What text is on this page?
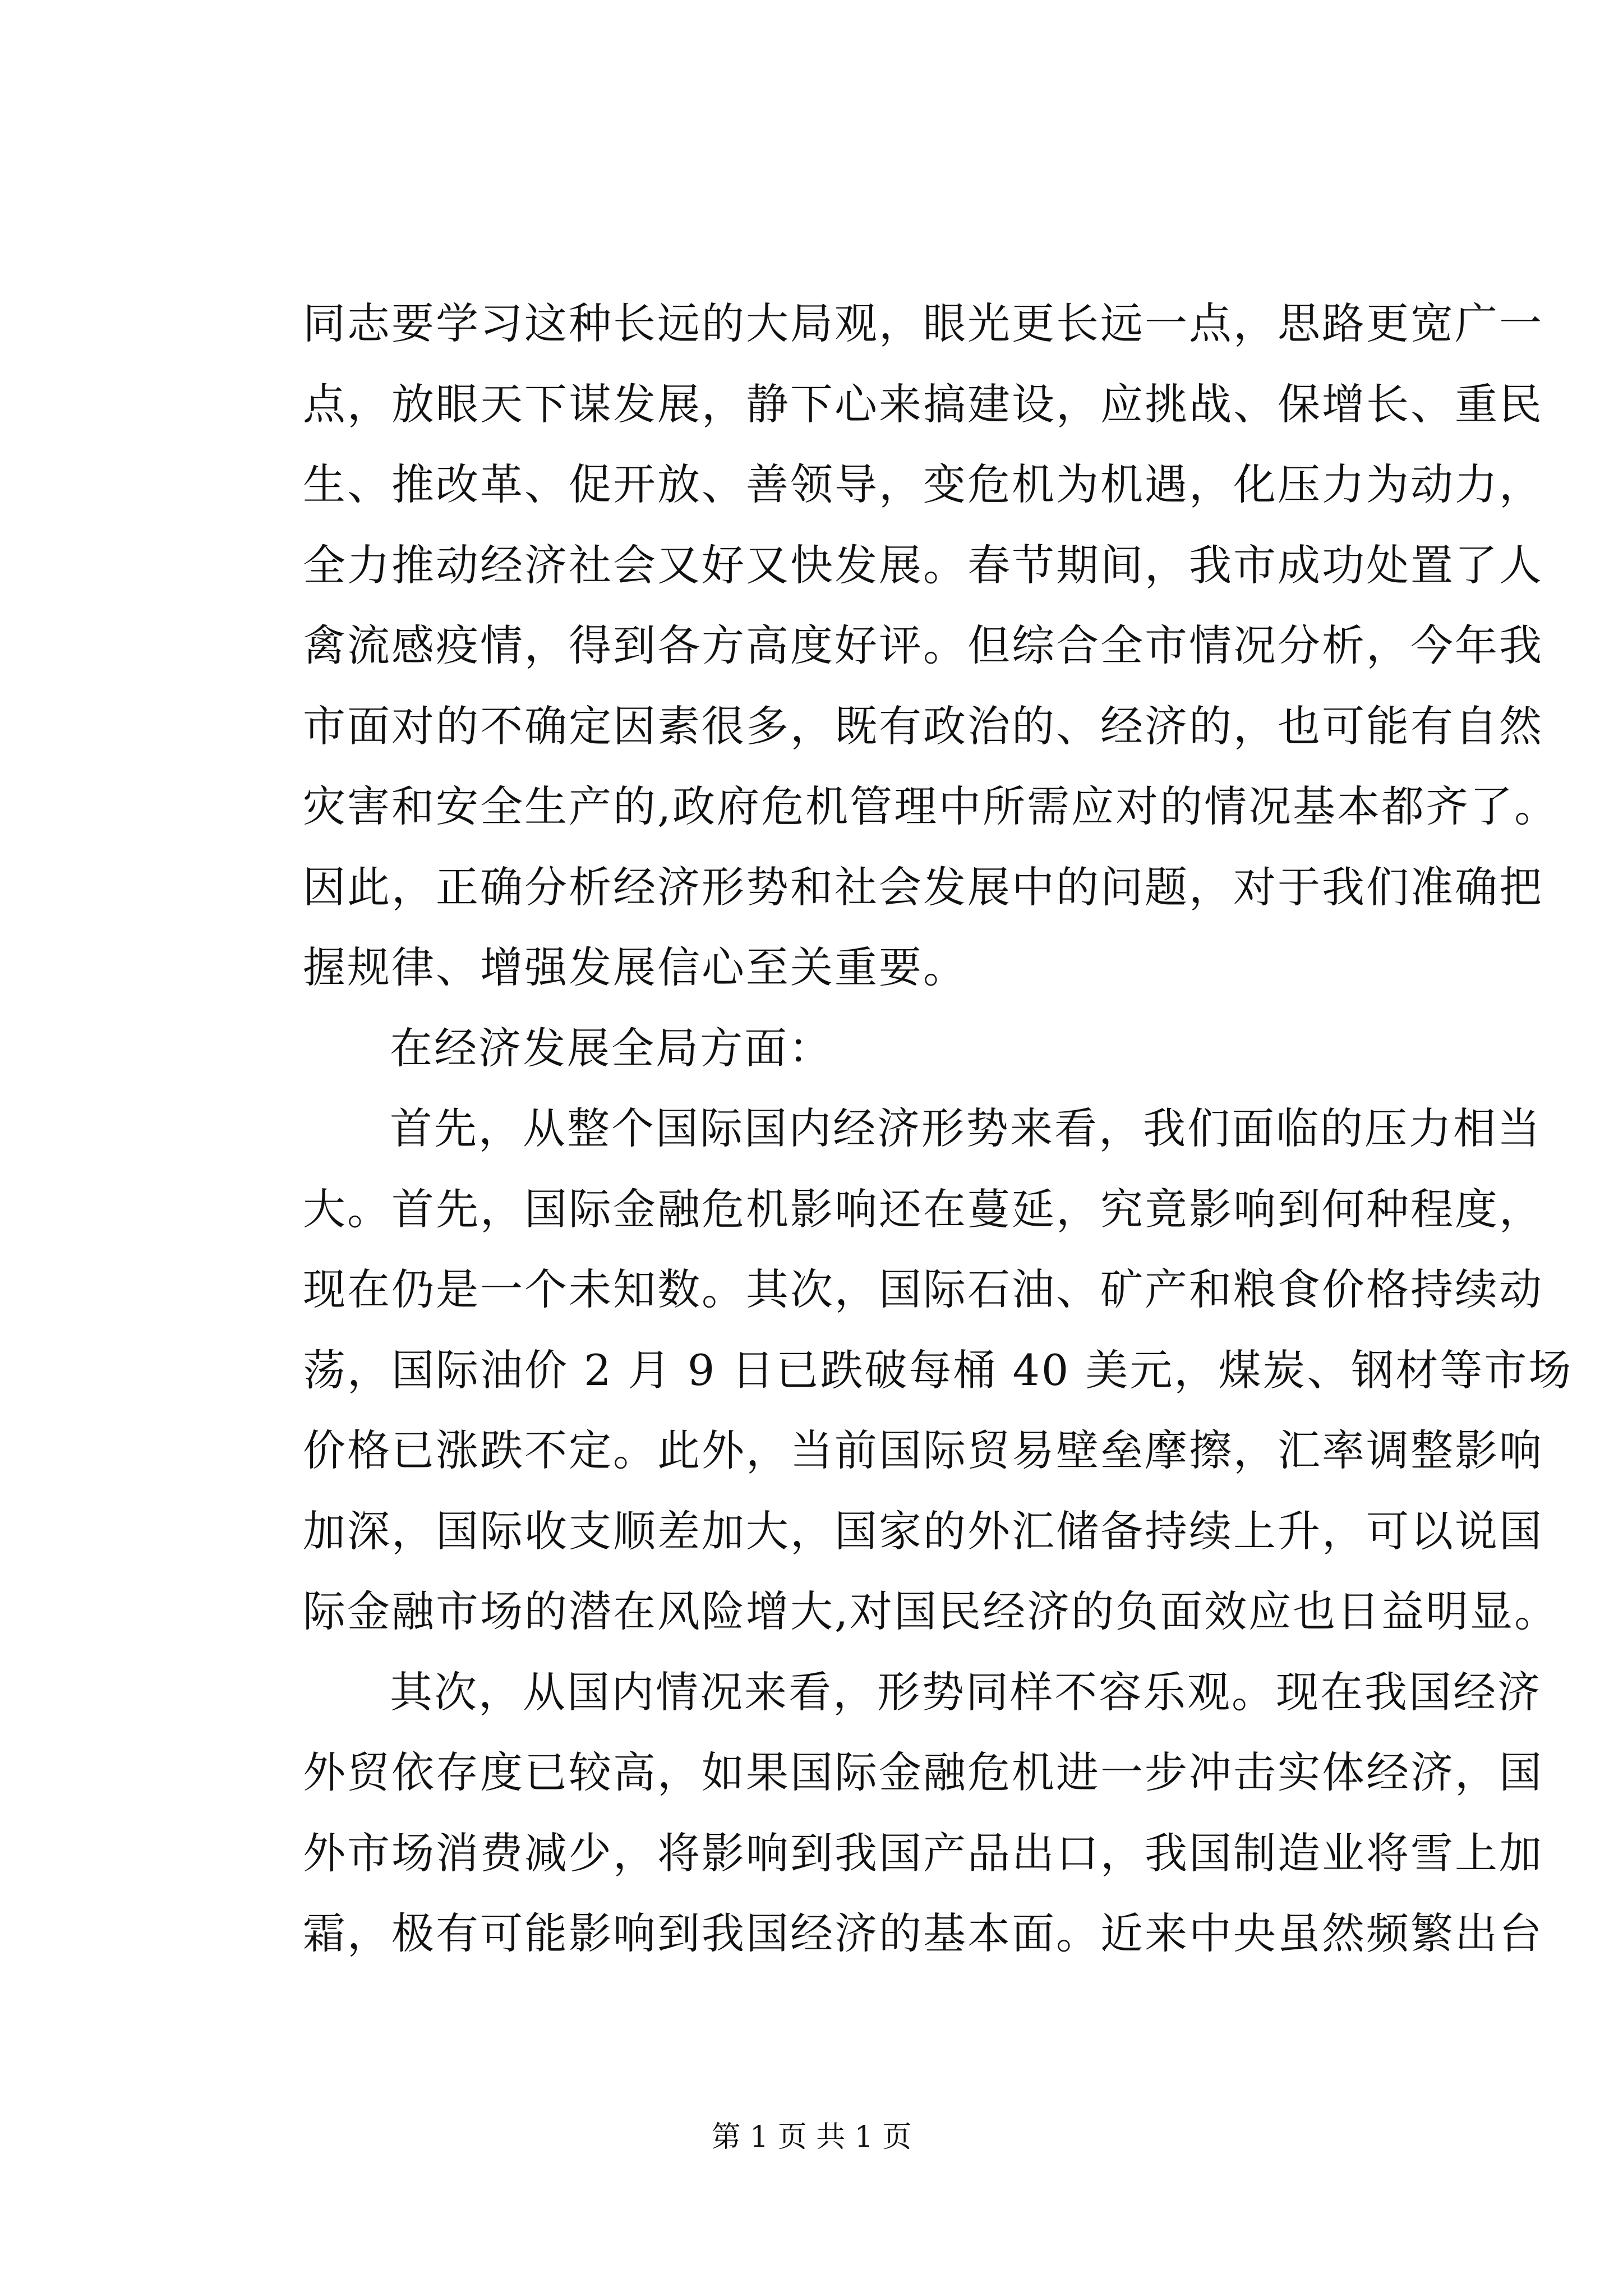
同志要学习这种长远的大局观，眼光更长远一点，思路更宽广一
点，放眼天下谋发展，静下心来搞建设，应挑战、保增长、重民
生、推改革、促开放、善领导，变危机为机遇，化压力为动力，
全力推动经济社会又好又快发展。春节期间，我市成功处置了人
禽流感疫情，得到各方高度好评。但综合全市情况分析，今年我
市面对的不确定因素很多，既有政治的、经济的，也可能有自然
灾害和安全生产的,政府危机管理中所需应对的情况基本都齐了。
因此，正确分析经济形势和社会发展中的问题，对于我们准确把
握规律、增强发展信心至关重要。
在经济发展全局方面：
首先，从整个国际国内经济形势来看，我们面临的压力相当
大。首先，国际金融危机影响还在蔓延，究竟影响到何种程度，
现在仍是一个未知数。其次，国际石油、矿产和粮食价格持续动
荡，国际油价 2 月 9 日已跌破每桶 40 美元，煤炭、钢材等市场
价格已涨跌不定。此外，当前国际贸易壁垒摩擦，汇率调整影响
加深，国际收支顺差加大，国家的外汇储备持续上升，可以说国
际金融市场的潜在风险增大,对国民经济的负面效应也日益明显。
其次，从国内情况来看，形势同样不容乐观。现在我国经济
外贸依存度已较高，如果国际金融危机进一步冲击实体经济，国
外市场消费减少，将影响到我国产品出口，我国制造业将雪上加
霜，极有可能影响到我国经济的基本面。近来中央虽然频繁出台
第 1 页 共 1 页
